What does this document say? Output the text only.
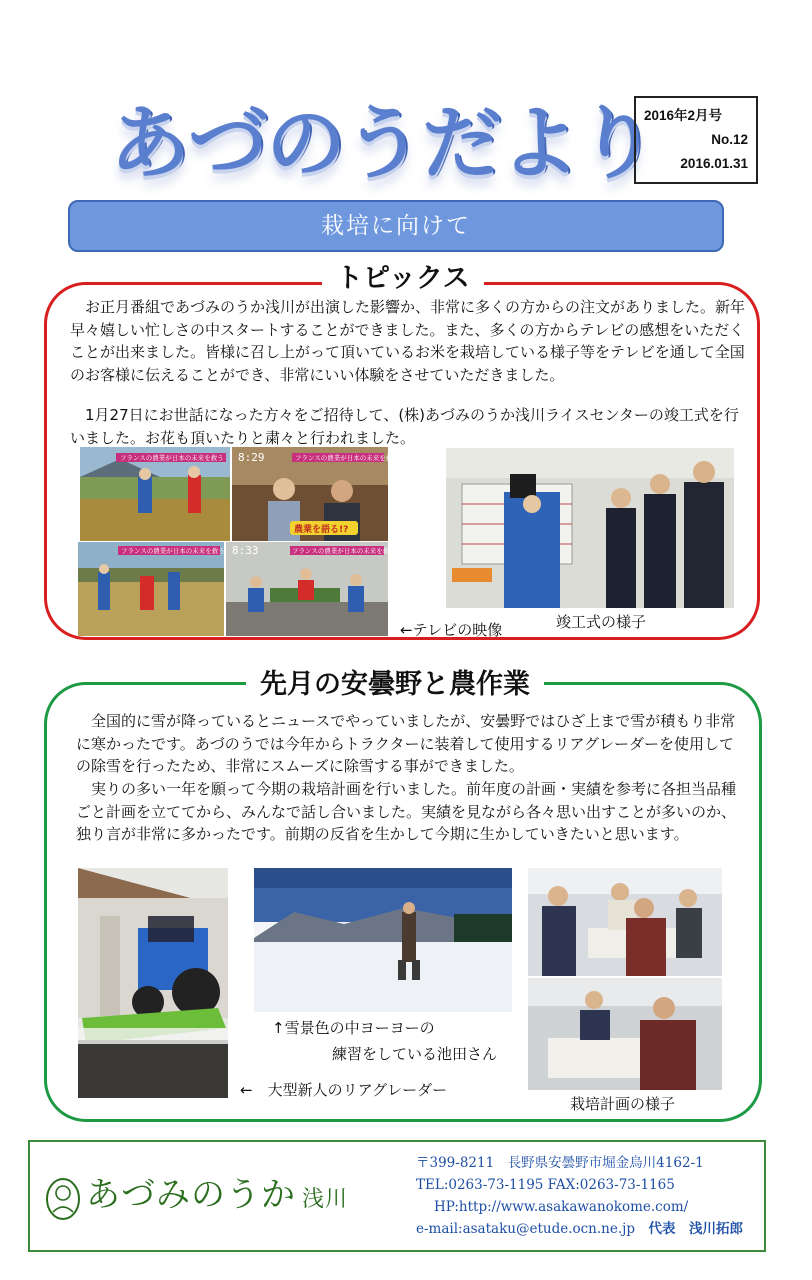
あづのうだより
2016年2月号
No.12
2016.01.31
栽培に向けて
トピックス
　お正月番組であづみのうか浅川が出演した影響か、非常に多くの方からの注文がありました。新年早々嬉しい忙しさの中スタートすることができました。また、多くの方からテレビの感想をいただくことが出来ました。皆様に召し上がって頂いているお米を栽培している様子等をテレビを通して全国のお客様に伝えることができ、非常にいい体験をさせていただきました。
　1月27日にお世話になった方々をご招待して、(株)あづみのうか浅川ライスセンターの竣工式を行いました。お花も頂いたりと粛々と行われました。
フランスの農業が日本の未来を救う	フランスの農業が日本の未来を救う
8:29
農業を語る!?
フランスの農業が日本の未来を救う	フランスの農業が日本の未来を救う
8:33
←テレビの映像	竣工式の様子
先月の安曇野と農作業
　全国的に雪が降っているとニュースでやっていましたが、安曇野ではひざ上まで雪が積もり非常に寒かったです。あづのうでは今年からトラクターに装着して使用するリアグレーダーを使用しての除雪を行ったため、非常にスムーズに除雪する事ができました。
　実りの多い一年を願って今期の栽培計画を行いました。前年度の計画・実績を参考に各担当品種ごと計画を立ててから、みんなで話し合いました。実績を見ながら各々思い出すことが多いのか、独り言が非常に多かったです。前期の反省を生かして今期に生かしていきたいと思います。
↑雪景色の中ヨーヨーの
練習をしている池田さん
←　大型新人のリアグレーダー
栽培計画の様子
あづみのうか 浅川
〒399-8211　長野県安曇野市堀金烏川4162-1
TEL:0263-73-1195 FAX:0263-73-1165
HP:http://www.asakawanokome.com/
e-mail:asataku@etude.ocn.ne.jp　 代表　浅川拓郎
